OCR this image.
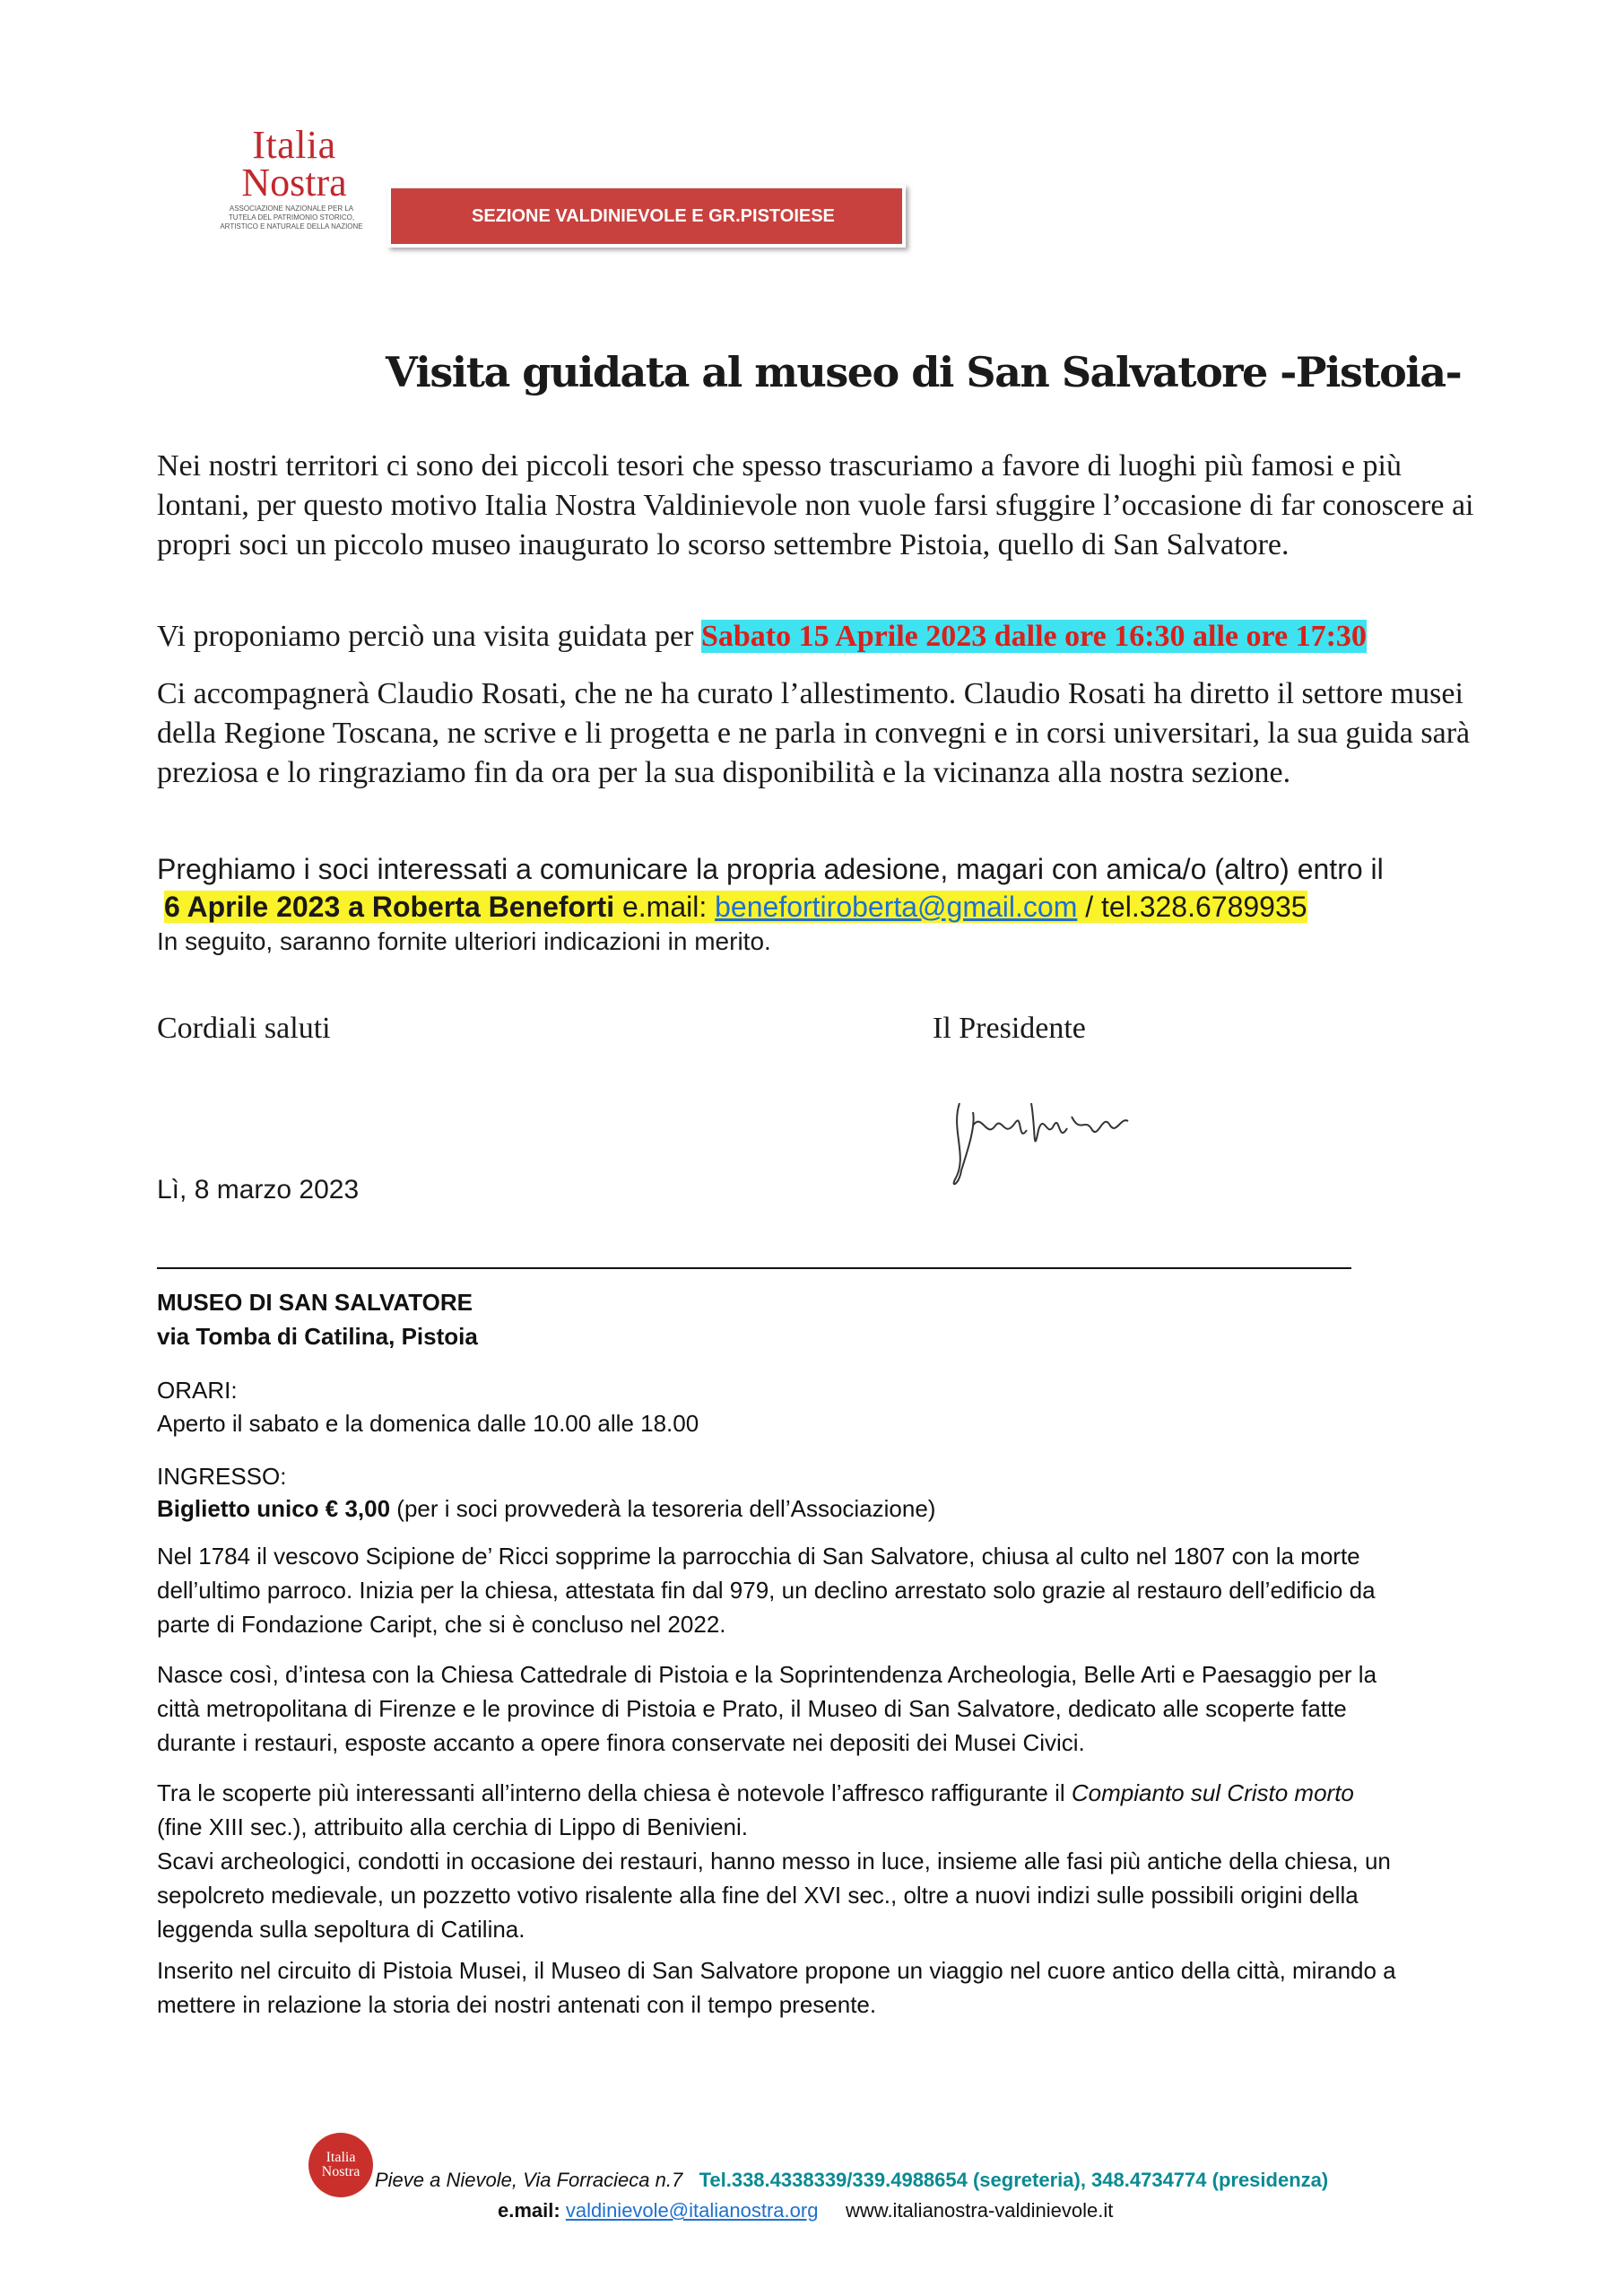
Italia
Nostra
ASSOCIAZIONE NAZIONALE PER LA TUTELA DEL PATRIMONIO STORICO, ARTISTICO E NATURALE DELLA NAZIONE
SEZIONE VALDINIEVOLE E GR.PISTOIESE
Visita guidata al museo di San Salvatore -Pistoia-
Nei nostri territori ci sono dei piccoli tesori che spesso trascuriamo a favore di luoghi più famosi e più lontani, per questo motivo Italia Nostra Valdinievole non vuole farsi sfuggire l’occasione di far conoscere ai propri soci un piccolo museo inaugurato lo scorso settembre Pistoia, quello di San Salvatore.
Vi proponiamo perciò una visita guidata per Sabato 15 Aprile 2023 dalle ore 16:30 alle ore 17:30
Ci accompagnerà Claudio Rosati, che ne ha curato l’allestimento. Claudio Rosati ha diretto il settore musei della Regione Toscana, ne scrive e li progetta e ne parla in convegni e in corsi universitari, la sua guida sarà preziosa e lo ringraziamo fin da ora per la sua disponibilità e la vicinanza alla nostra sezione.
Preghiamo i soci interessati a comunicare la propria adesione, magari con amica/o (altro) entro il
6 Aprile 2023 a Roberta Beneforti e.mail: benefortiroberta@gmail.com / tel.328.6789935
In seguito, saranno fornite ulteriori indicazioni in merito.
Cordiali saluti	Il Presidente
Lì, 8 marzo 2023
MUSEO DI SAN SALVATORE
via Tomba di Catilina, Pistoia
ORARI:
Aperto il sabato e la domenica dalle 10.00 alle 18.00
INGRESSO:
Biglietto unico € 3,00 (per i soci provvederà la tesoreria dell’Associazione)
Nel 1784 il vescovo Scipione de’ Ricci sopprime la parrocchia di San Salvatore, chiusa al culto nel 1807 con la morte dell’ultimo parroco. Inizia per la chiesa, attestata fin dal 979, un declino arrestato solo grazie al restauro dell’edificio da parte di Fondazione Caript, che si è concluso nel 2022.
Nasce così, d’intesa con la Chiesa Cattedrale di Pistoia e la Soprintendenza Archeologia, Belle Arti e Paesaggio per la città metropolitana di Firenze e le province di Pistoia e Prato, il Museo di San Salvatore, dedicato alle scoperte fatte durante i restauri, esposte accanto a opere finora conservate nei depositi dei Musei Civici.
Tra le scoperte più interessanti all’interno della chiesa è notevole l’affresco raffigurante il Compianto sul Cristo morto (fine XIII sec.), attribuito alla cerchia di Lippo di Benivieni.
Scavi archeologici, condotti in occasione dei restauri, hanno messo in luce, insieme alle fasi più antiche della chiesa, un sepolcreto medievale, un pozzetto votivo risalente alla fine del XVI sec., oltre a nuovi indizi sulle possibili origini della leggenda sulla sepoltura di Catilina.
Inserito nel circuito di Pistoia Musei, il Museo di San Salvatore propone un viaggio nel cuore antico della città, mirando a mettere in relazione la storia dei nostri antenati con il tempo presente.
Italia
Nostra Pieve a Nievole, Via Forracieca n.7 Tel.338.4338339/339.4988654 (segreteria), 348.4734774 (presidenza)
e.mail: valdinievole@italianostra.org www.italianostra-valdinievole.it
